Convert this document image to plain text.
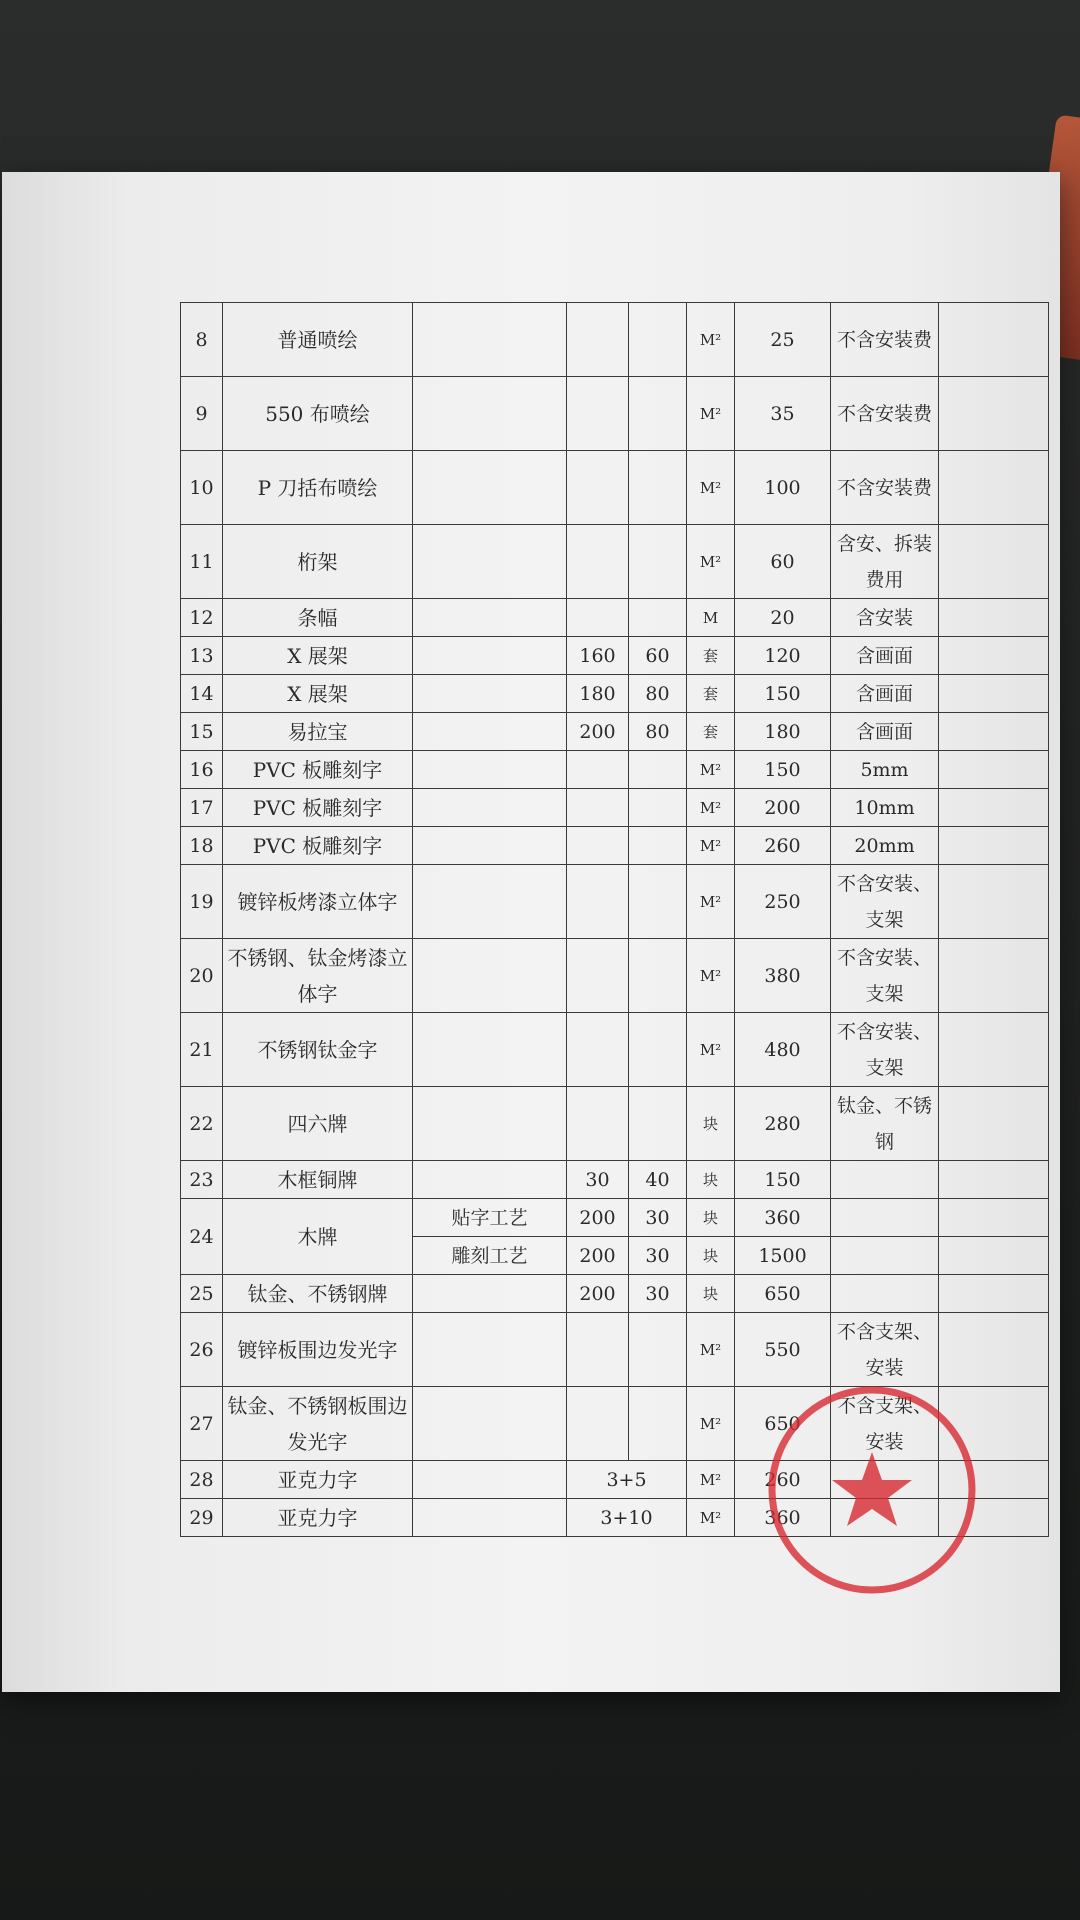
8	普通喷绘				M²	25	不含安装费	
9	550 布喷绘				M²	35	不含安装费	
10	P 刀括布喷绘				M²	100	不含安装费	
11	桁架				M²	60	含安、拆装费用	
12	条幅				M	20	含安装	
13	X 展架		160	60	套	120	含画面	
14	X 展架		180	80	套	150	含画面	
15	易拉宝		200	80	套	180	含画面	
16	PVC 板雕刻字				M²	150	5mm	
17	PVC 板雕刻字				M²	200	10mm	
18	PVC 板雕刻字				M²	260	20mm	
19	镀锌板烤漆立体字				M²	250	不含安装、支架	
20	不锈钢、钛金烤漆立体字				M²	380	不含安装、支架	
21	不锈钢钛金字				M²	480	不含安装、支架	
22	四六牌				块	280	钛金、不锈钢	
23	木框铜牌		30	40	块	150		
24	木牌	贴字工艺	200	30	块	360		
		雕刻工艺	200	30	块	1500		
25	钛金、不锈钢牌		200	30	块	650		
26	镀锌板围边发光字				M²	550	不含支架、安装	
27	钛金、不锈钢板围边发光字				M²	650	不含支架、安装	
28	亚克力字		3+5		M²	260		
29	亚克力字		3+10		M²	360		
